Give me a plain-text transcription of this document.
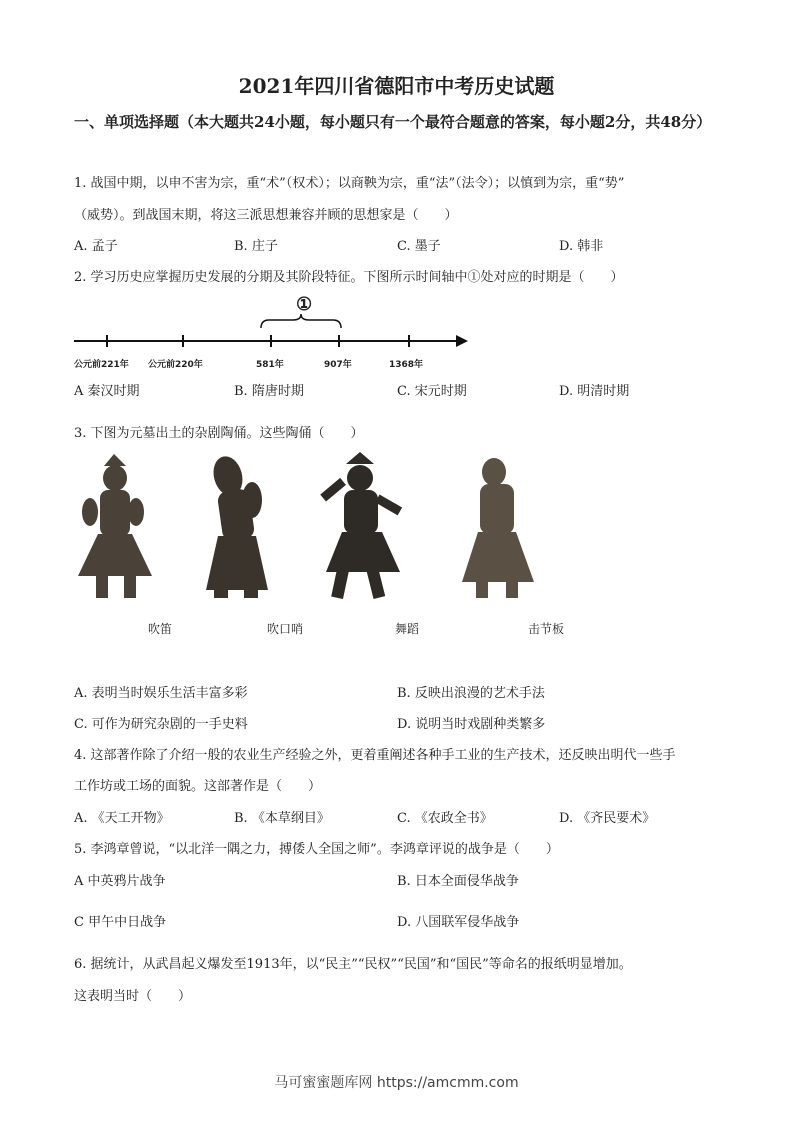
2021年四川省德阳市中考历史试题
一、单项选择题（本大题共24小题，每小题只有一个最符合题意的答案，每小题2分，共48分）
1. 战国中期，以申不害为宗，重“术”（权术）；以商鞅为宗，重“法”（法令）；以慎到为宗，重“势”
（威势）。到战国末期，将这三派思想兼容并顾的思想家是（　　）
A. 孟子	B. 庄子	C. 墨子	D. 韩非
2. 学习历史应掌握历史发展的分期及其阶段特征。下图所示时间轴中①处对应的时期是（　　）
①
公元前221年 公元前220年	581年	907年	1368年
A 秦汉时期	B. 隋唐时期	C. 宋元时期	D. 明清时期
3. 下图为元墓出土的杂剧陶俑。这些陶俑（　　）
吹笛	吹口哨	舞蹈	击节板
A. 表明当时娱乐生活丰富多彩	B. 反映出浪漫的艺术手法
C. 可作为研究杂剧的一手史料	D. 说明当时戏剧种类繁多
4. 这部著作除了介绍一般的农业生产经验之外，更着重阐述各种手工业的生产技术，还反映出明代一些手
工作坊或工场的面貌。这部著作是（　　）
A. 《天工开物》	B. 《本草纲目》	C. 《农政全书》	D. 《齐民要术》
5. 李鸿章曾说，“以北洋一隅之力，搏倭人全国之师”。李鸿章评说的战争是（　　）
A 中英鸦片战争	B. 日本全面侵华战争
C 甲午中日战争	D. 八国联军侵华战争
6. 据统计，从武昌起义爆发至1913年，以“民主”“民权”“民国”和“国民”等命名的报纸明显增加。
这表明当时（　　）
马可蜜蜜题库网 https://amcmm.com
